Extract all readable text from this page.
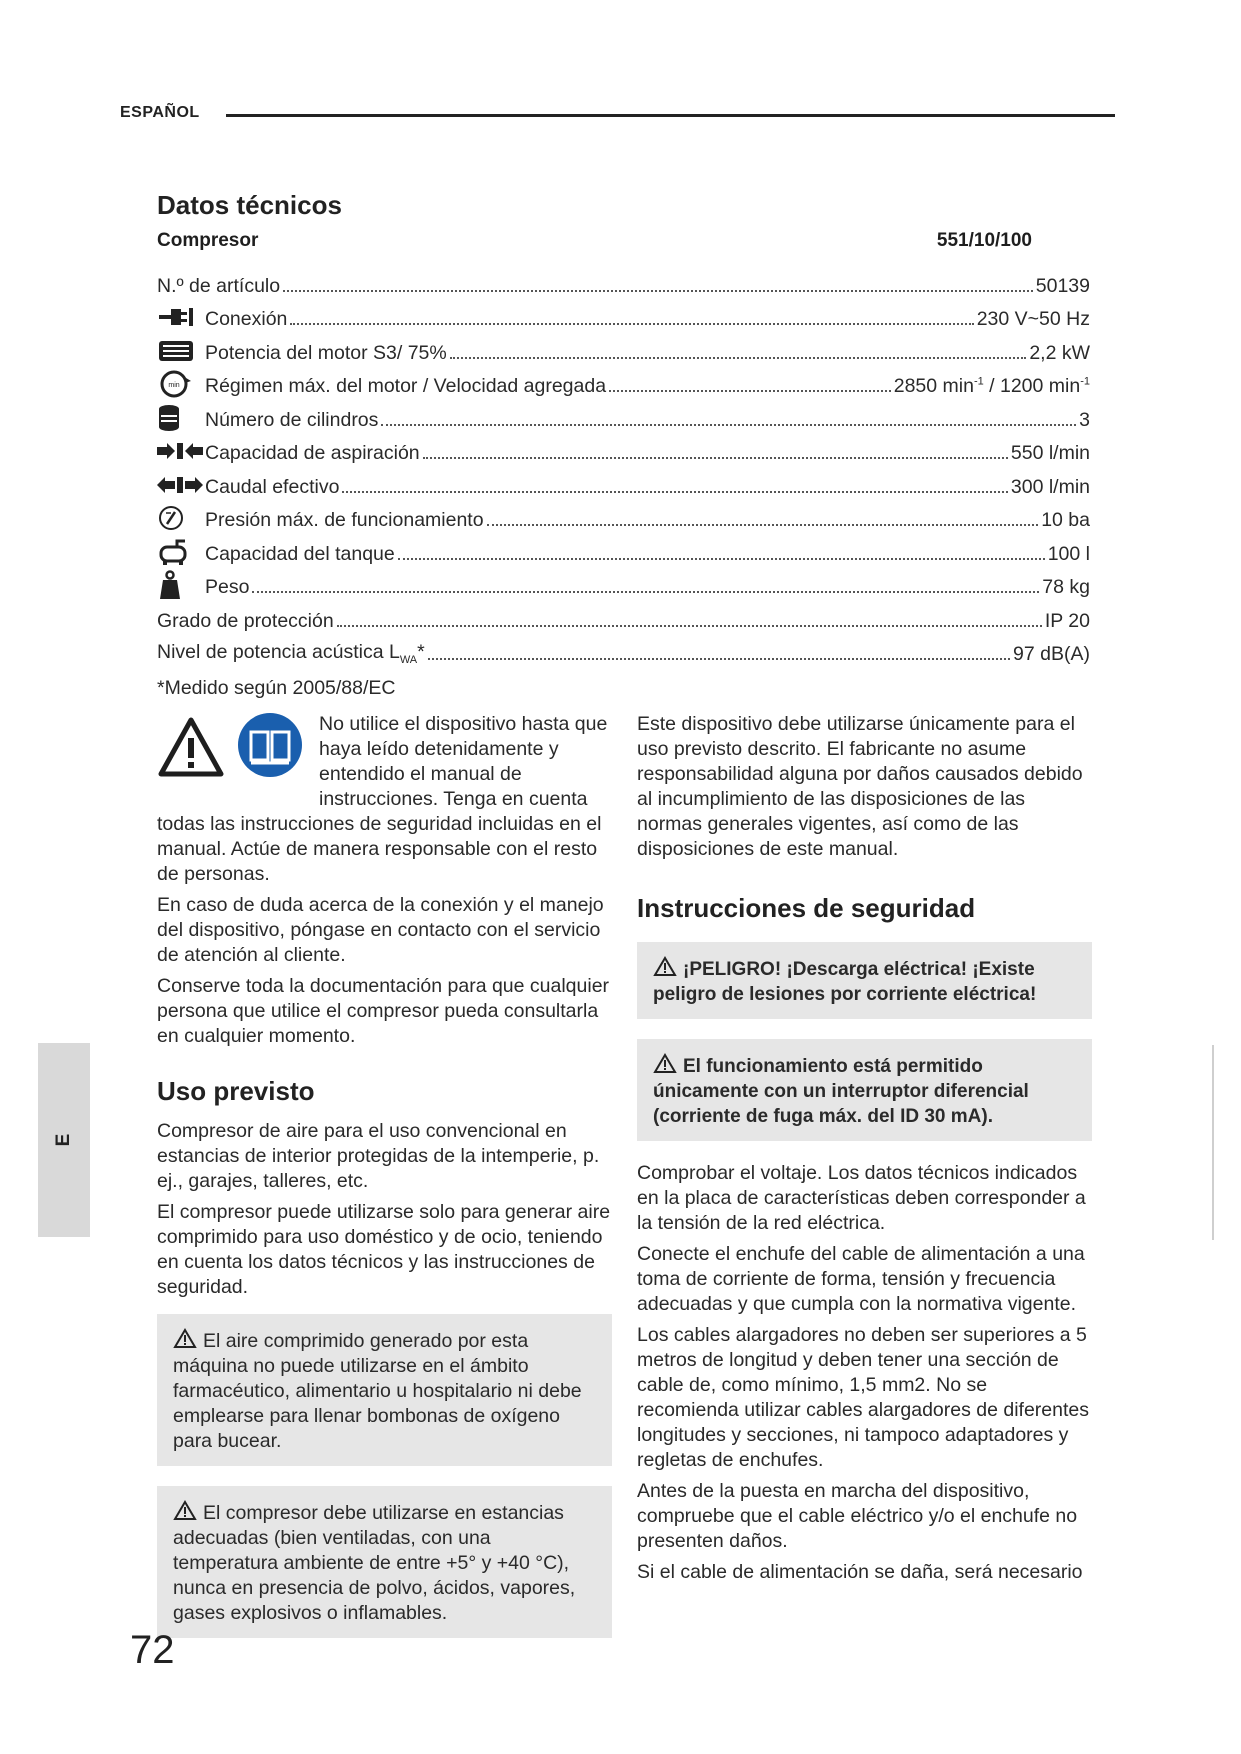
ESPAÑOL
E
Datos técnicos
Compresor	551/10/100
N.º de artículo	50139
Conexión	230 V~50 Hz
Potencia del motor S3/ 75%	2,2 kW
min Régimen máx. del motor / Velocidad agregada	2850 $\min^{-1} / 1200$ $\min^{-1}$
Número de cilindros	3
Capacidad de aspiración	550 l/min
Caudal efectivo	300 l/min
Presión máx. de funcionamiento	10 ba
Capacidad del tanque	100 l
Peso	78 kg
Grado de protección	IP 20
Nivel de potencia acústica $L_{WA}*$	97 dB(A)
*Medido según 2005/88/EC

No utilice el dispositivo hasta que haya leído detenidamente y entendido el manual de instrucciones. Tenga en cuenta todas las instrucciones de seguridad incluidas en el manual. Actúe de manera responsable con el resto de personas.

En caso de duda acerca de la conexión y el manejo del dispositivo, póngase en contacto con el servicio de atención al cliente.

Conserve toda la documentación para que cualquier persona que utilice el compresor pueda consultarla en cualquier momento.

Uso previsto

Compresor de aire para el uso convencional en estancias de interior protegidas de la intemperie, p. ej., garajes, talleres, etc.

El compresor puede utilizarse solo para generar aire comprimido para uso doméstico y de ocio, teniendo en cuenta los datos técnicos y las instrucciones de seguridad.

El aire comprimido generado por esta máquina no puede utilizarse en el ámbito farmacéutico, alimentario u hospitalario ni debe emplearse para llenar bombonas de oxígeno para bucear.
El compresor debe utilizarse en estancias adecuadas (bien ventiladas, con una temperatura ambiente de entre +5° y +40 °C), nunca en presencia de polvo, ácidos, vapores, gases explosivos o inflamables.

Este dispositivo debe utilizarse únicamente para el uso previsto descrito. El fabricante no asume responsabilidad alguna por daños causados debido al incumplimiento de las disposiciones de las normas generales vigentes, así como de las disposiciones de este manual.

Instrucciones de seguridad
¡PELIGRO! ¡Descarga eléctrica! ¡Existe peligro de lesiones por corriente eléctrica!
El funcionamiento está permitido únicamente con un interruptor diferencial (corriente de fuga máx. del ID 30 mA).

Comprobar el voltaje. Los datos técnicos indicados en la placa de características deben corresponder a la tensión de la red eléctrica.

Conecte el enchufe del cable de alimentación a una toma de corriente de forma, tensión y frecuencia adecuadas y que cumpla con la normativa vigente.

Los cables alargadores no deben ser superiores a 5 metros de longitud y deben tener una sección de cable de, como mínimo, 1,5 mm2. No se recomienda utilizar cables alargadores de diferentes longitudes y secciones, ni tampoco adaptadores y regletas de enchufes.

Antes de la puesta en marcha del dispositivo, compruebe que el cable eléctrico y/o el enchufe no presenten daños.

Si el cable de alimentación se daña, será necesario

72
